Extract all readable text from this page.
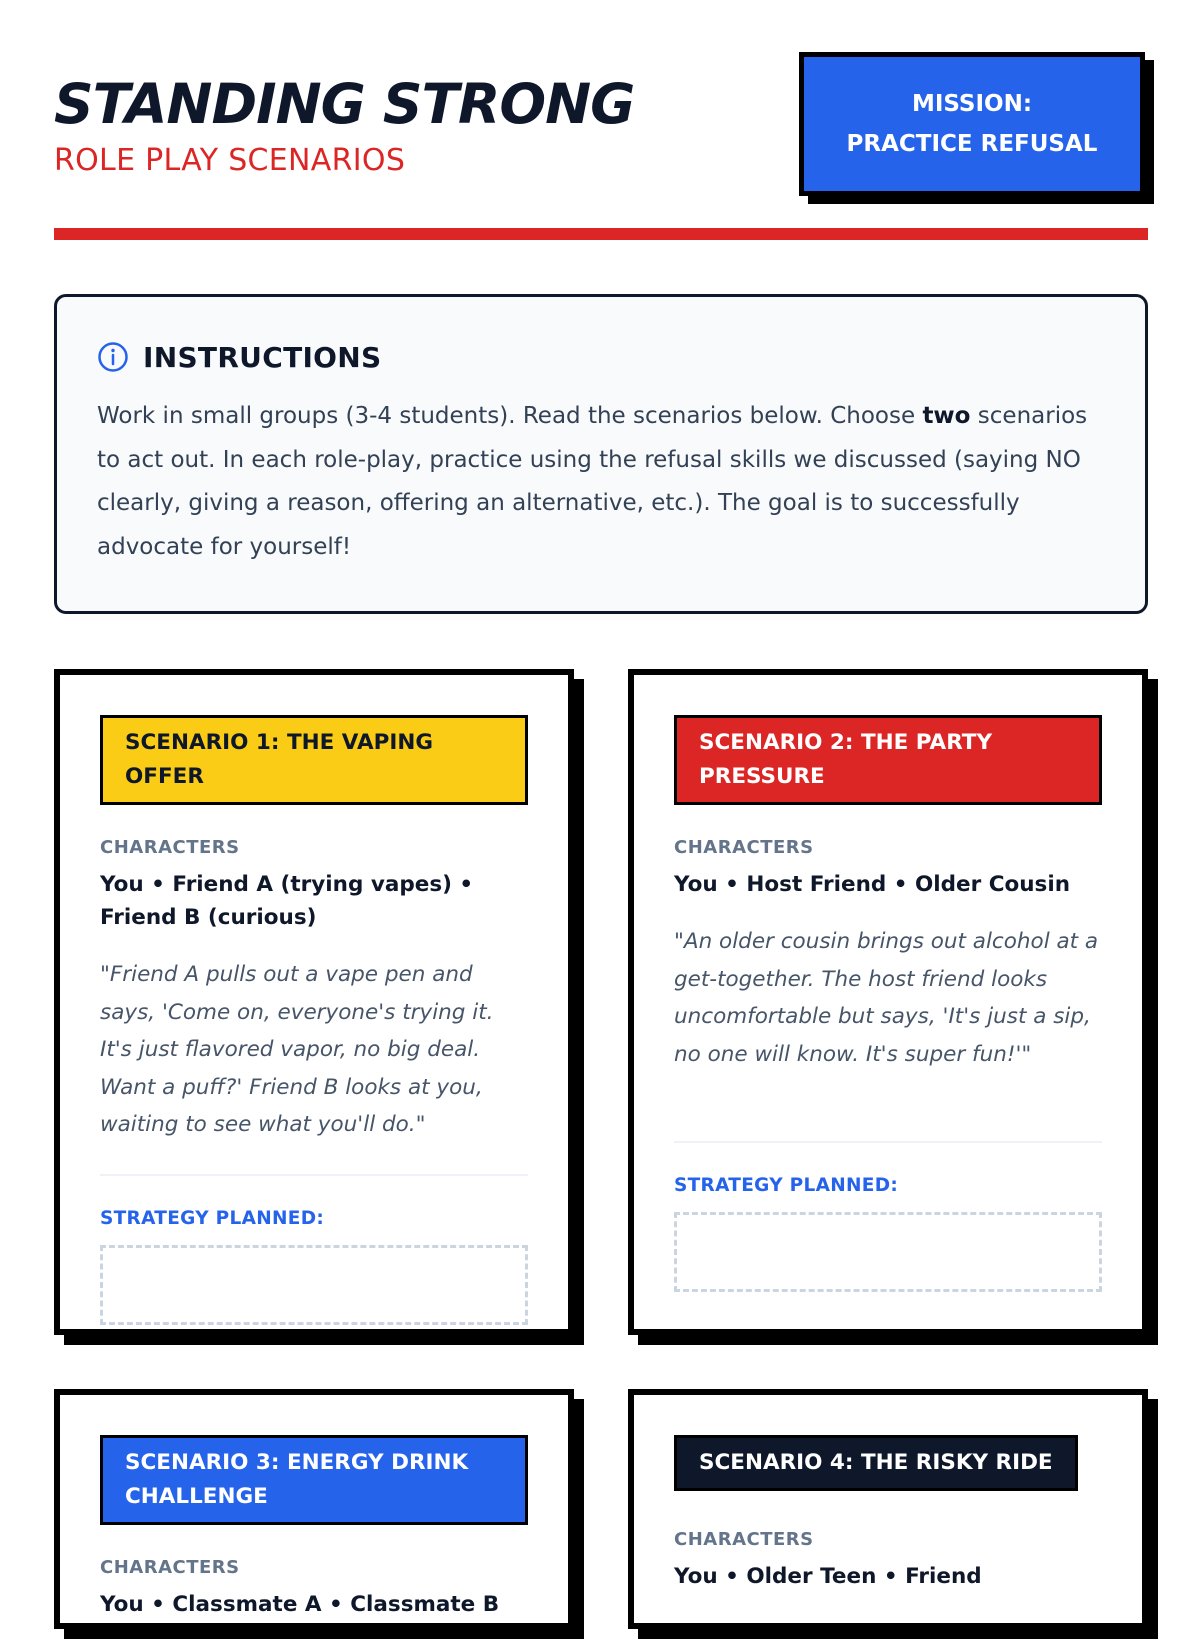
STANDING STRONG
ROLE PLAY SCENARIOS
MISSION:
PRACTICE REFUSAL
INSTRUCTIONS

Work in small groups (3-4 students). Read the scenarios below. Choose two scenarios to act out. In each role-play, practice using the refusal skills we discussed (saying NO clearly, giving a reason, offering an alternative, etc.). The goal is to successfully advocate for yourself!

SCENARIO 1: THE VAPING OFFER
CHARACTERS
You • Friend A (trying vapes) • Friend B (curious)
"Friend A pulls out a vape pen and says, 'Come on, everyone's trying it. It's just flavored vapor, no big deal. Want a puff?' Friend B looks at you, waiting to see what you'll do."
STRATEGY PLANNED:
SCENARIO 2: THE PARTY PRESSURE
CHARACTERS
You • Host Friend • Older Cousin
"An older cousin brings out alcohol at a get-together. The host friend looks uncomfortable but says, 'It's just a sip, no one will know. It's super fun!'"
STRATEGY PLANNED:
SCENARIO 3: ENERGY DRINK CHALLENGE
CHARACTERS
You • Classmate A • Classmate B
SCENARIO 4: THE RISKY RIDE
CHARACTERS
You • Older Teen • Friend
